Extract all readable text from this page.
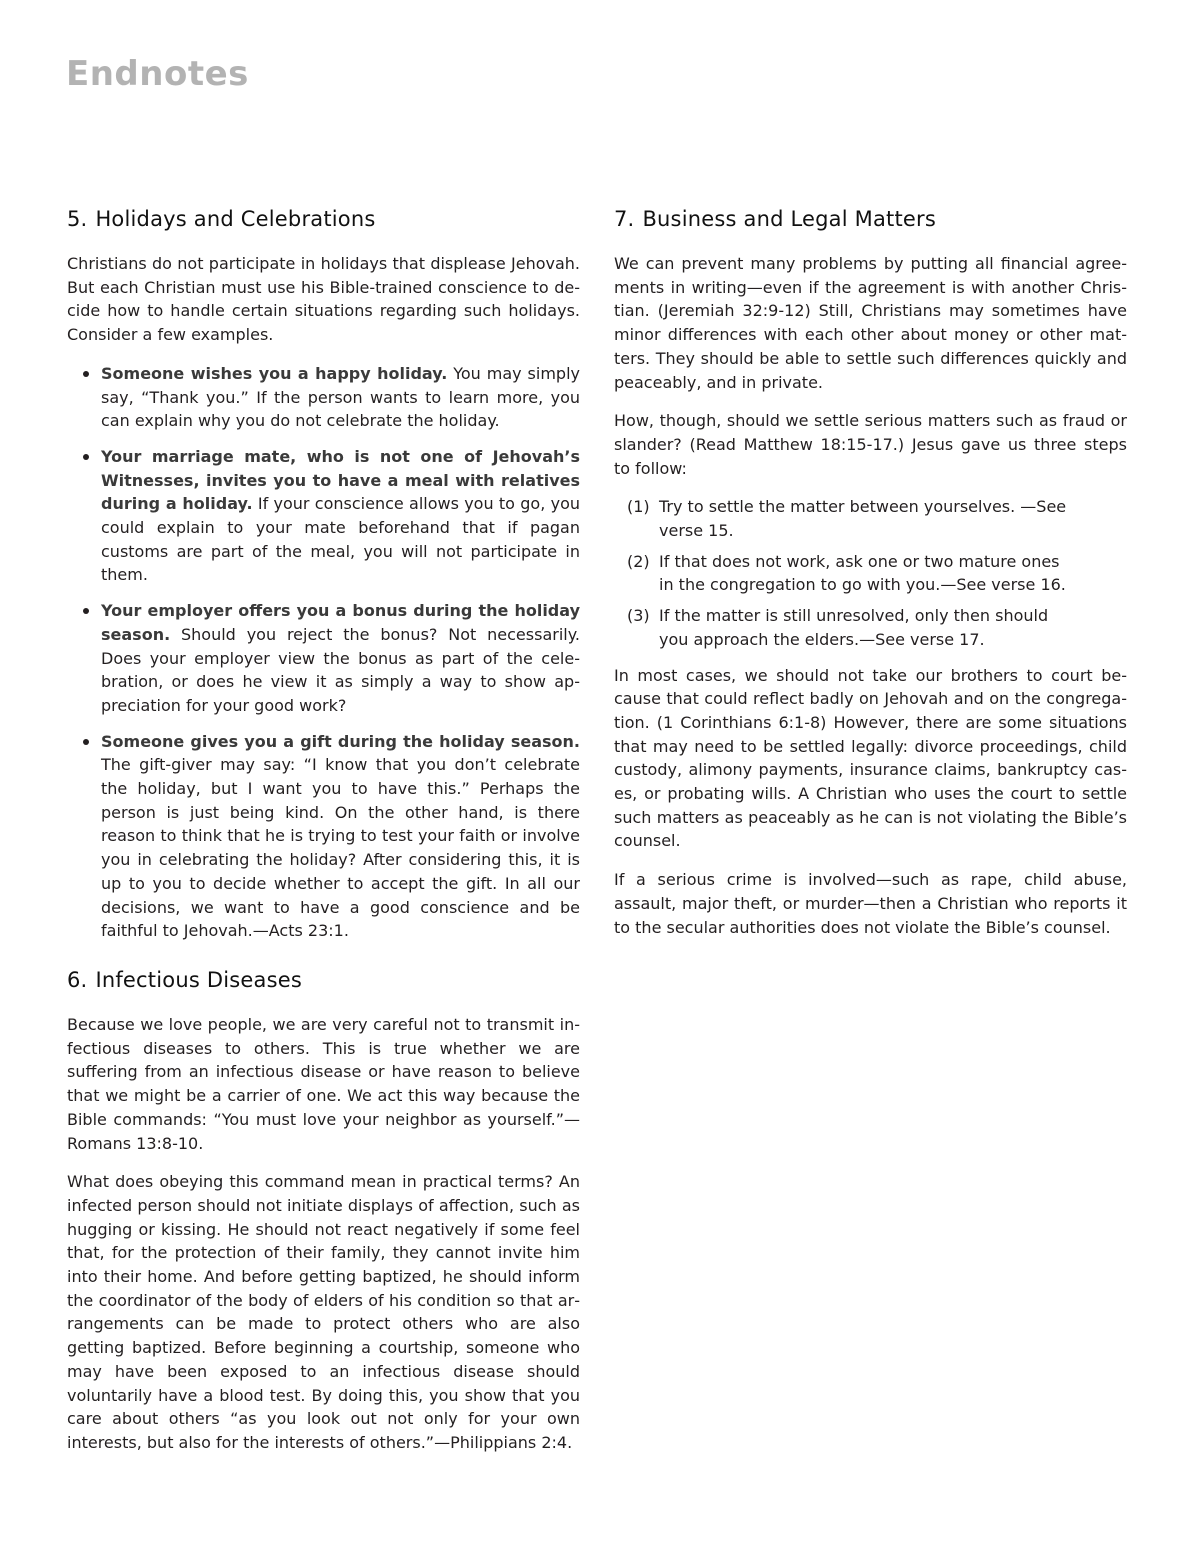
Endnotes
5. Holidays and Celebrations

Christians do not participate in holidays that displease Jehovah. But each Christian must use his Bible-trained conscience to decide how to handle certain situations regarding such holidays. Consider a few examples.

Someone wishes you a happy holiday. You may simply say, “Thank you.” If the person wants to learn more, you can explain why you do not celebrate the holiday.
Your marriage mate, who is not one of Jehovah’s Witnesses, invites you to have a meal with relatives during a holiday. If your conscience allows you to go, you could explain to your mate beforehand that if pagan customs are part of the meal, you will not participate in them.
Your employer offers you a bonus during the holiday season. Should you reject the bonus? Not necessarily. Does your employer view the bonus as part of the celebration, or does he view it as simply a way to show appreciation for your good work?
Someone gives you a gift during the holiday season. The gift-giver may say: “I know that you don’t celebrate the holiday, but I want you to have this.” Perhaps the person is just being kind. On the other hand, is there reason to think that he is trying to test your faith or involve you in celebrating the holiday? After considering this, it is up to you to decide whether to accept the gift. In all our decisions, we want to have a good conscience and be faithful to Jehovah.—Acts 23:1.
6. Infectious Diseases

Because we love people, we are very careful not to transmit infectious diseases to others. This is true whether we are suffering from an infectious disease or have reason to believe that we might be a carrier of one. We act this way because the Bible commands: “You must love your neighbor as yourself.”—Romans 13:8-10.

What does obeying this command mean in practical terms? An infected person should not initiate displays of affection, such as hugging or kissing. He should not react negatively if some feel that, for the protection of their family, they cannot invite him into their home. And before getting baptized, he should inform the coordinator of the body of elders of his condition so that arrangements can be made to protect others who are also getting baptized. Before beginning a courtship, someone who may have been exposed to an infectious disease should voluntarily have a blood test. By doing this, you show that you care about others “as you look out not only for your own interests, but also for the interests of others.”—Philippians 2:4.

7. Business and Legal Matters

We can prevent many problems by putting all financial agreements in writing—even if the agreement is with another Christian. (Jeremiah 32:9-12) Still, Christians may sometimes have minor differences with each other about money or other matters. They should be able to settle such differences quickly and peaceably, and in private.

How, though, should we settle serious matters such as fraud or slander? (Read Matthew 18:15-17.) Jesus gave us three steps to follow:

(1) Try to settle the matter between yourselves. —See verse 15.
(2) If that does not work, ask one or two mature ones in the congregation to go with you.—See verse 16.
(3) If the matter is still unresolved, only then should you approach the elders.—See verse 17.

In most cases, we should not take our brothers to court because that could reflect badly on Jehovah and on the congregation. (1 Corinthians 6:1-8) However, there are some situations that may need to be settled legally: divorce proceedings, child custody, alimony payments, insurance claims, bankruptcy cases, or probating wills. A Christian who uses the court to settle such matters as peaceably as he can is not violating the Bible’s counsel.

If a serious crime is involved—such as rape, child abuse, assault, major theft, or murder—then a Christian who reports it to the secular authorities does not violate the Bible’s counsel.
